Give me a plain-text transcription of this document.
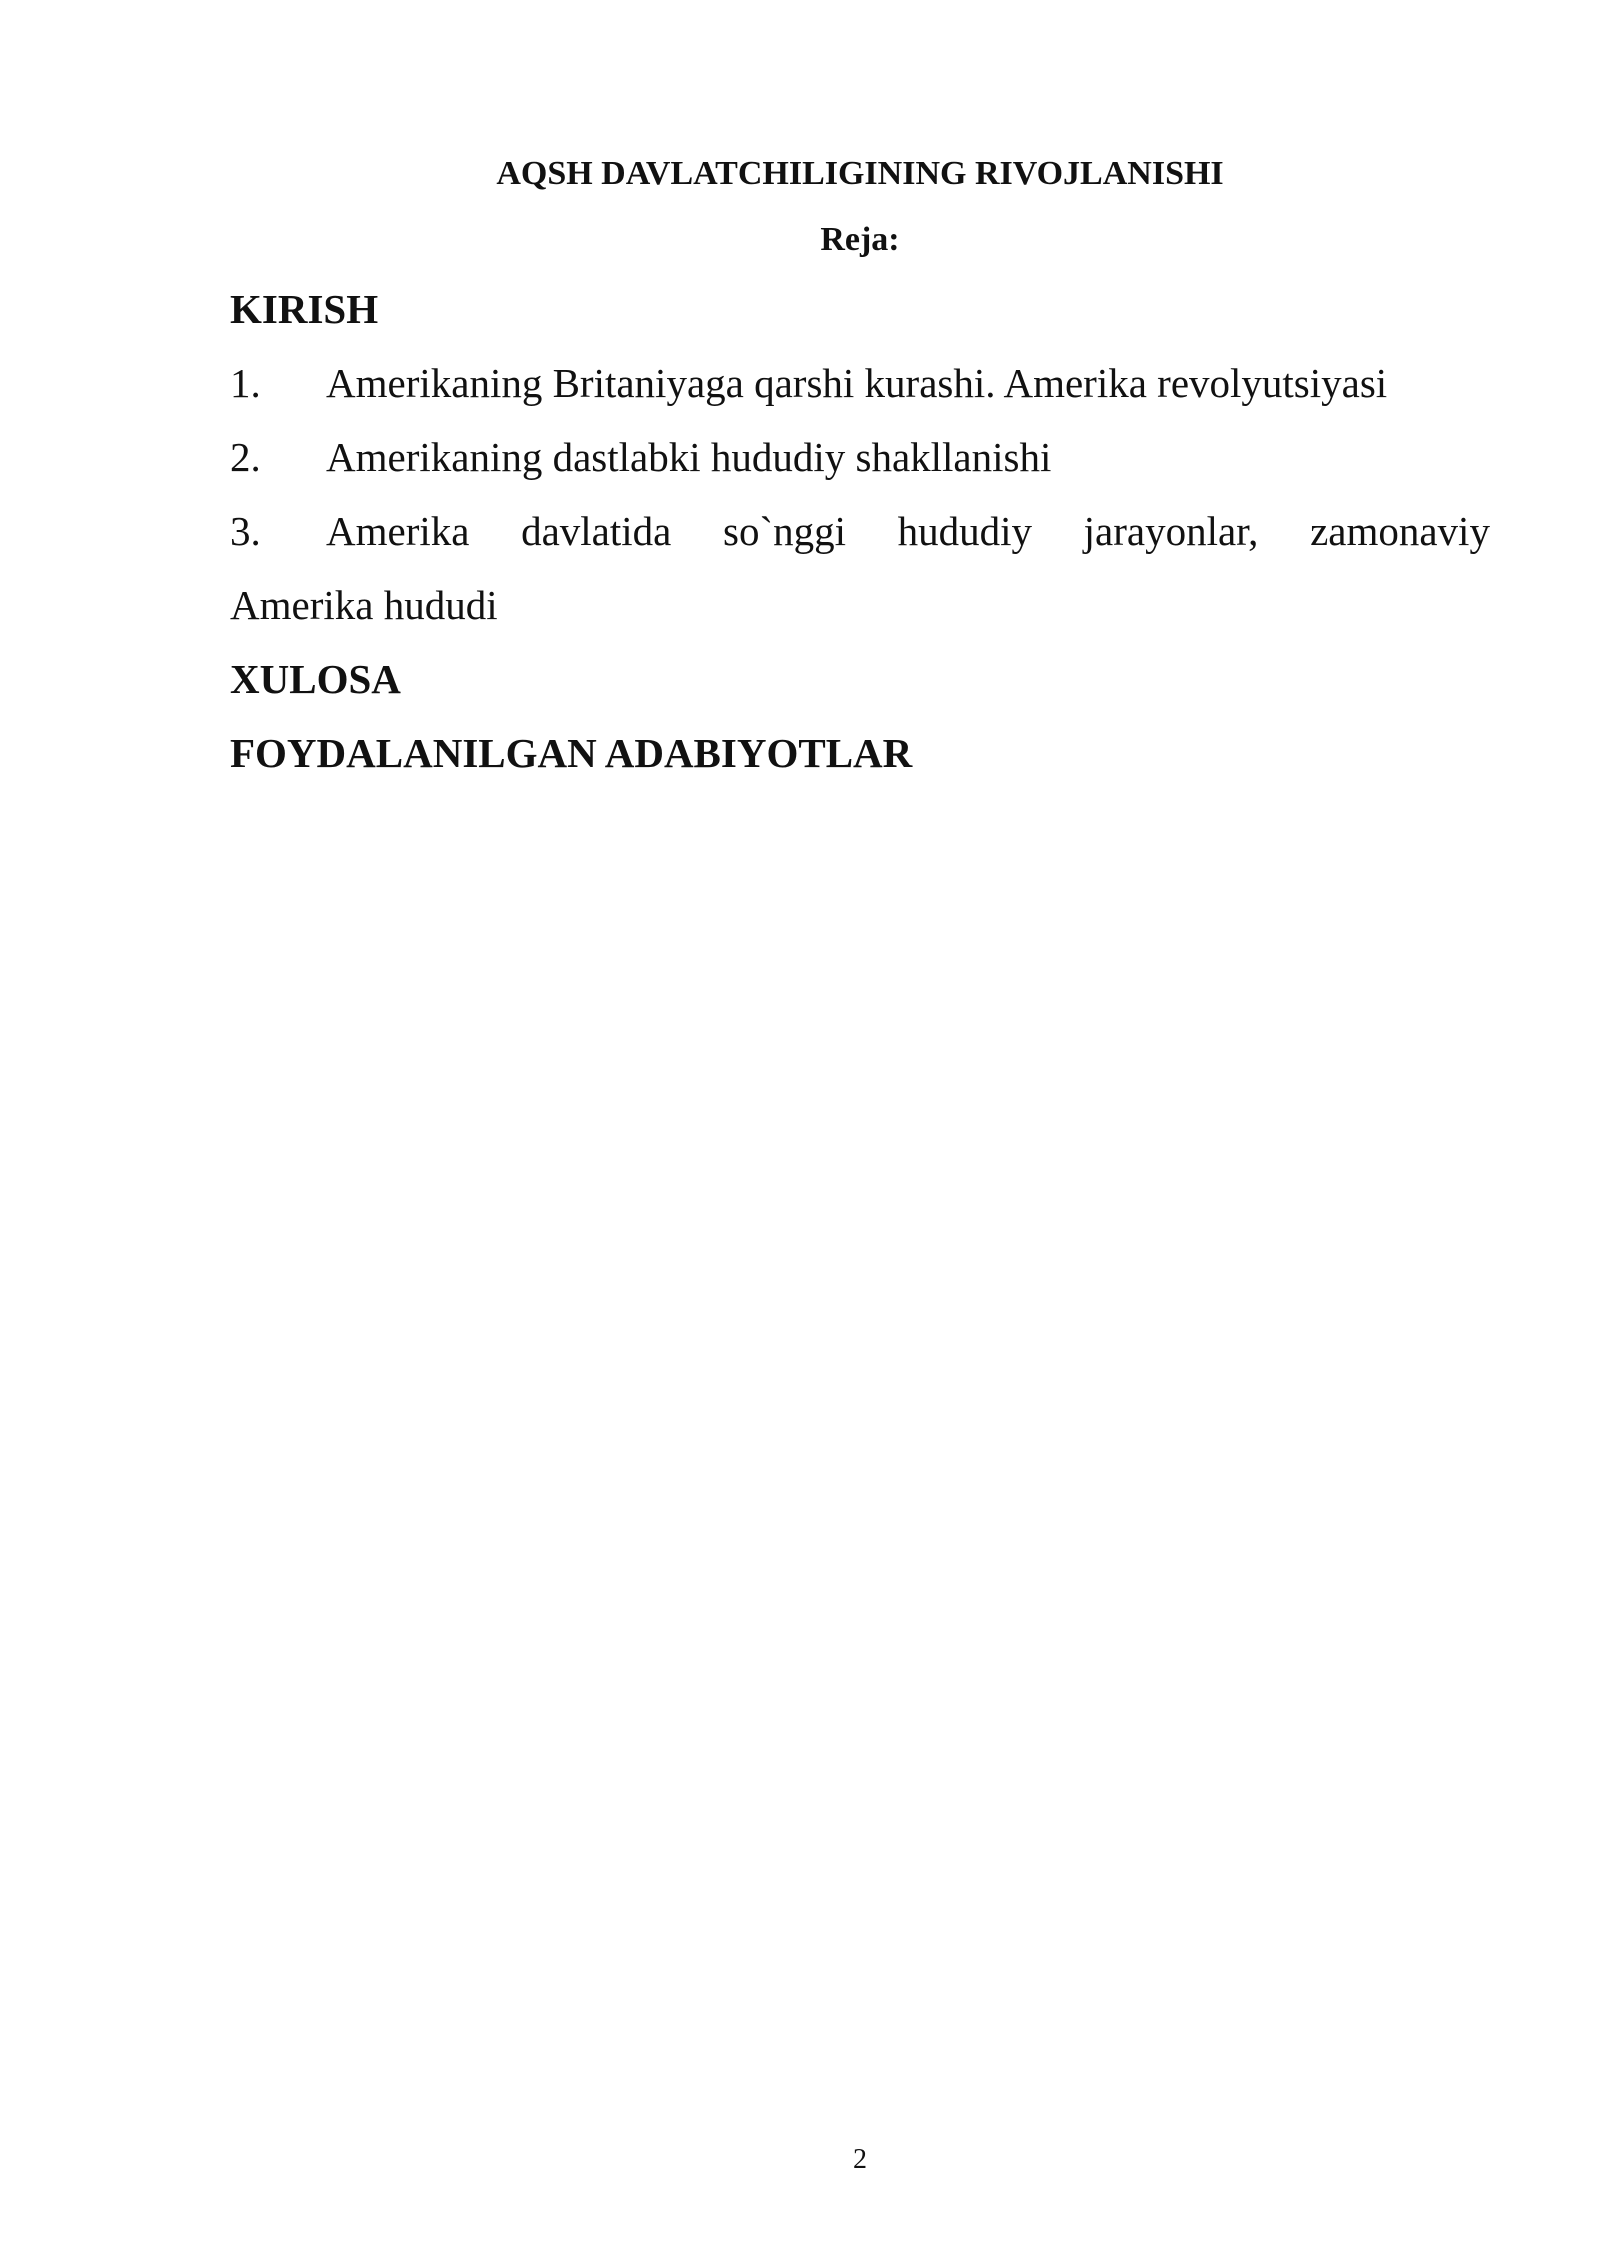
AQSH DAVLATCHILIGINING RIVOJLANISHI
Reja:
KIRISH
1.	Amerikaning Britaniyaga qarshi kurashi. Amerika revolyutsiyasi
2.	Amerikaning dastlabki hududiy shakllanishi
3.	Amerika davlatida so`nggi hududiy jarayonlar, zamonaviy
Amerika hududi
XULOSA
FOYDALANILGAN ADABIYOTLAR
2
